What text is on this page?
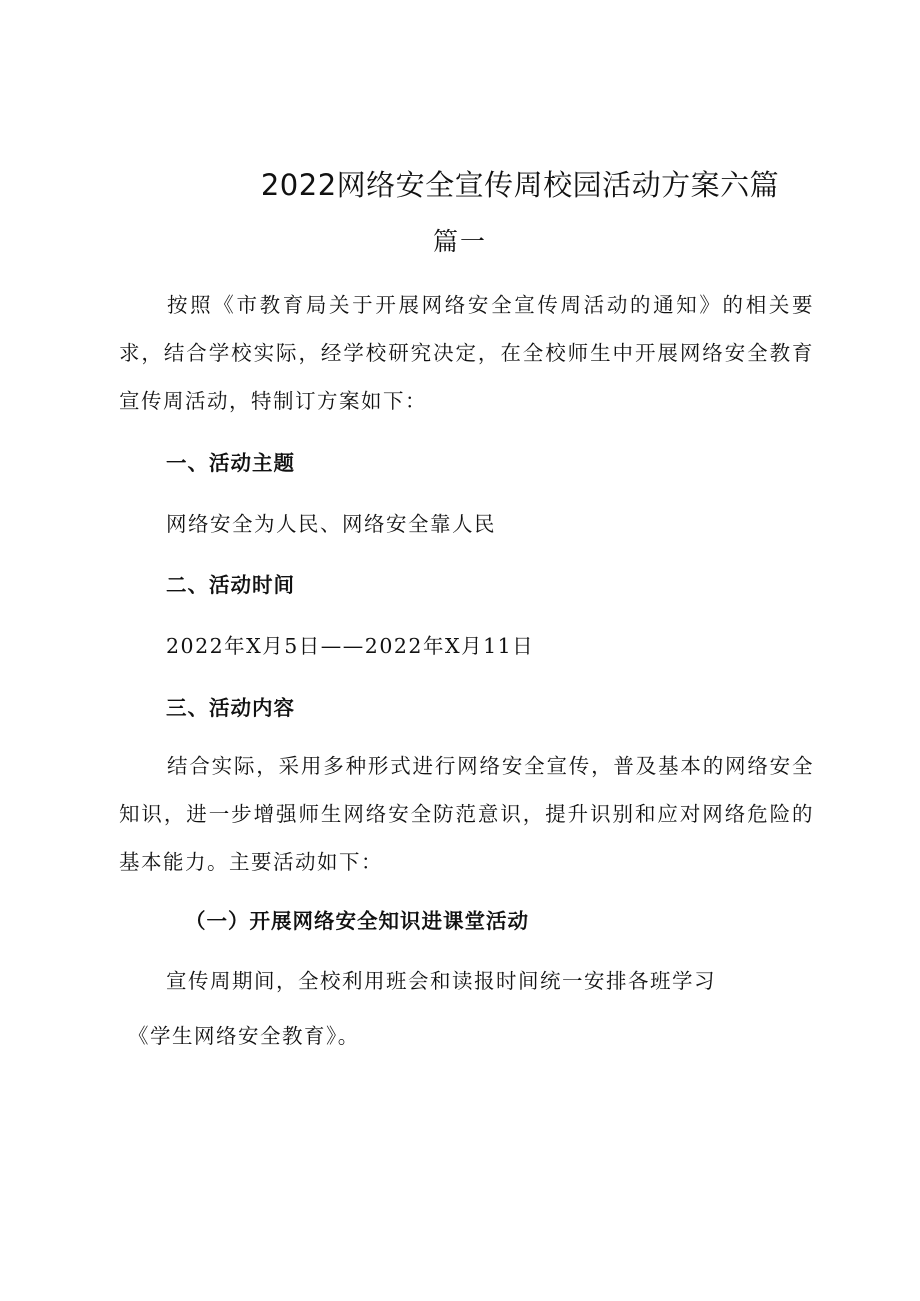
2022网络安全宣传周校园活动方案六篇
篇一
按照《市教育局关于开展网络安全宣传周活动的通知》的相关要求，结合学校实际，经学校研究决定，在全校师生中开展网络安全教育宣传周活动，特制订方案如下：
一、活动主题
网络安全为人民、网络安全靠人民
二、活动时间
2022年X月5日——2022年X月11日
三、活动内容
结合实际，采用多种形式进行网络安全宣传，普及基本的网络安全知识，进一步增强师生网络安全防范意识，提升识别和应对网络危险的基本能力。主要活动如下：
（一）开展网络安全知识进课堂活动
宣传周期间，全校利用班会和读报时间统一安排各班学习
《学生网络安全教育》。
